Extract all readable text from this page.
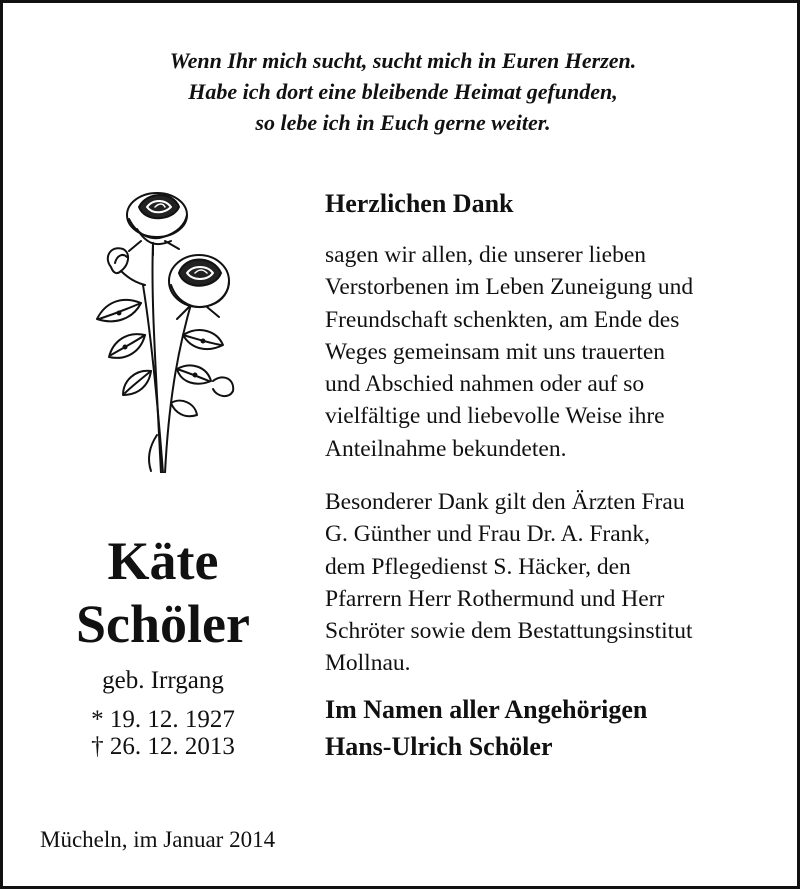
Wenn Ihr mich sucht, sucht mich in Euren Herzen.
Habe ich dort eine bleibende Heimat gefunden,
so lebe ich in Euch gerne weiter.
Käte
Schöler
geb. Irrgang
* 19. 12. 1927
† 26. 12. 2013
Herzlichen Dank
sagen wir allen, die unserer lieben
Verstorbenen im Leben Zuneigung und
Freundschaft schenkten, am Ende des
Weges gemeinsam mit uns trauerten
und Abschied nahmen oder auf so
vielfältige und liebevolle Weise ihre
Anteilnahme bekundeten.
Besonderer Dank gilt den Ärzten Frau
G. Günther und Frau Dr. A. Frank,
dem Pflegedienst S. Häcker, den
Pfarrern Herr Rothermund und Herr
Schröter sowie dem Bestattungsinstitut
Mollnau.
Im Namen aller Angehörigen
Hans-Ulrich Schöler
Mücheln, im Januar 2014
